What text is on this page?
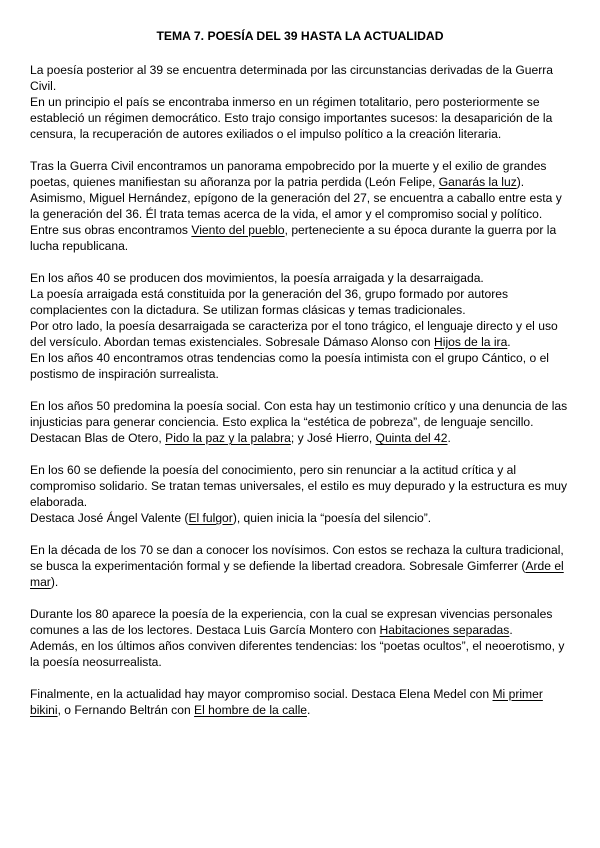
TEMA 7. POESÍA DEL 39 HASTA LA ACTUALIDAD
La poesía posterior al 39 se encuentra determinada por las circunstancias derivadas de la Guerra
Civil.
En un principio el país se encontraba inmerso en un régimen totalitario, pero posteriormente se
estableció un régimen democrático. Esto trajo consigo importantes sucesos: la desaparición de la
censura, la recuperación de autores exiliados o el impulso político a la creación literaria.
Tras la Guerra Civil encontramos un panorama empobrecido por la muerte y el exilio de grandes
poetas, quienes manifiestan su añoranza por la patria perdida (León Felipe, Ganarás la luz).
Asimismo, Miguel Hernández, epígono de la generación del 27, se encuentra a caballo entre esta y
la generación del 36. Él trata temas acerca de la vida, el amor y el compromiso social y político.
Entre sus obras encontramos Viento del pueblo, perteneciente a su época durante la guerra por la
lucha republicana.
En los años 40 se producen dos movimientos, la poesía arraigada y la desarraigada.
La poesía arraigada está constituida por la generación del 36, grupo formado por autores
complacientes con la dictadura. Se utilizan formas clásicas y temas tradicionales.
Por otro lado, la poesía desarraigada se caracteriza por el tono trágico, el lenguaje directo y el uso
del versículo. Abordan temas existenciales. Sobresale Dámaso Alonso con Hijos de la ira.
En los años 40 encontramos otras tendencias como la poesía intimista con el grupo Cántico, o el
postismo de inspiración surrealista.
En los años 50 predomina la poesía social. Con esta hay un testimonio crítico y una denuncia de las
injusticias para generar conciencia. Esto explica la “estética de pobreza”, de lenguaje sencillo.
Destacan Blas de Otero, Pido la paz y la palabra; y José Hierro, Quinta del 42.
En los 60 se defiende la poesía del conocimiento, pero sin renunciar a la actitud crítica y al
compromiso solidario. Se tratan temas universales, el estilo es muy depurado y la estructura es muy
elaborada.
Destaca José Ángel Valente (El fulgor), quien inicia la “poesía del silencio”.
En la década de los 70 se dan a conocer los novísimos. Con estos se rechaza la cultura tradicional,
se busca la experimentación formal y se defiende la libertad creadora. Sobresale Gimferrer (Arde el
mar).
Durante los 80 aparece la poesía de la experiencia, con la cual se expresan vivencias personales
comunes a las de los lectores. Destaca Luis García Montero con Habitaciones separadas.
Además, en los últimos años conviven diferentes tendencias: los “poetas ocultos”, el neoerotismo, y
la poesía neosurrealista.
Finalmente, en la actualidad hay mayor compromiso social. Destaca Elena Medel con Mi primer
bikini, o Fernando Beltrán con El hombre de la calle.
